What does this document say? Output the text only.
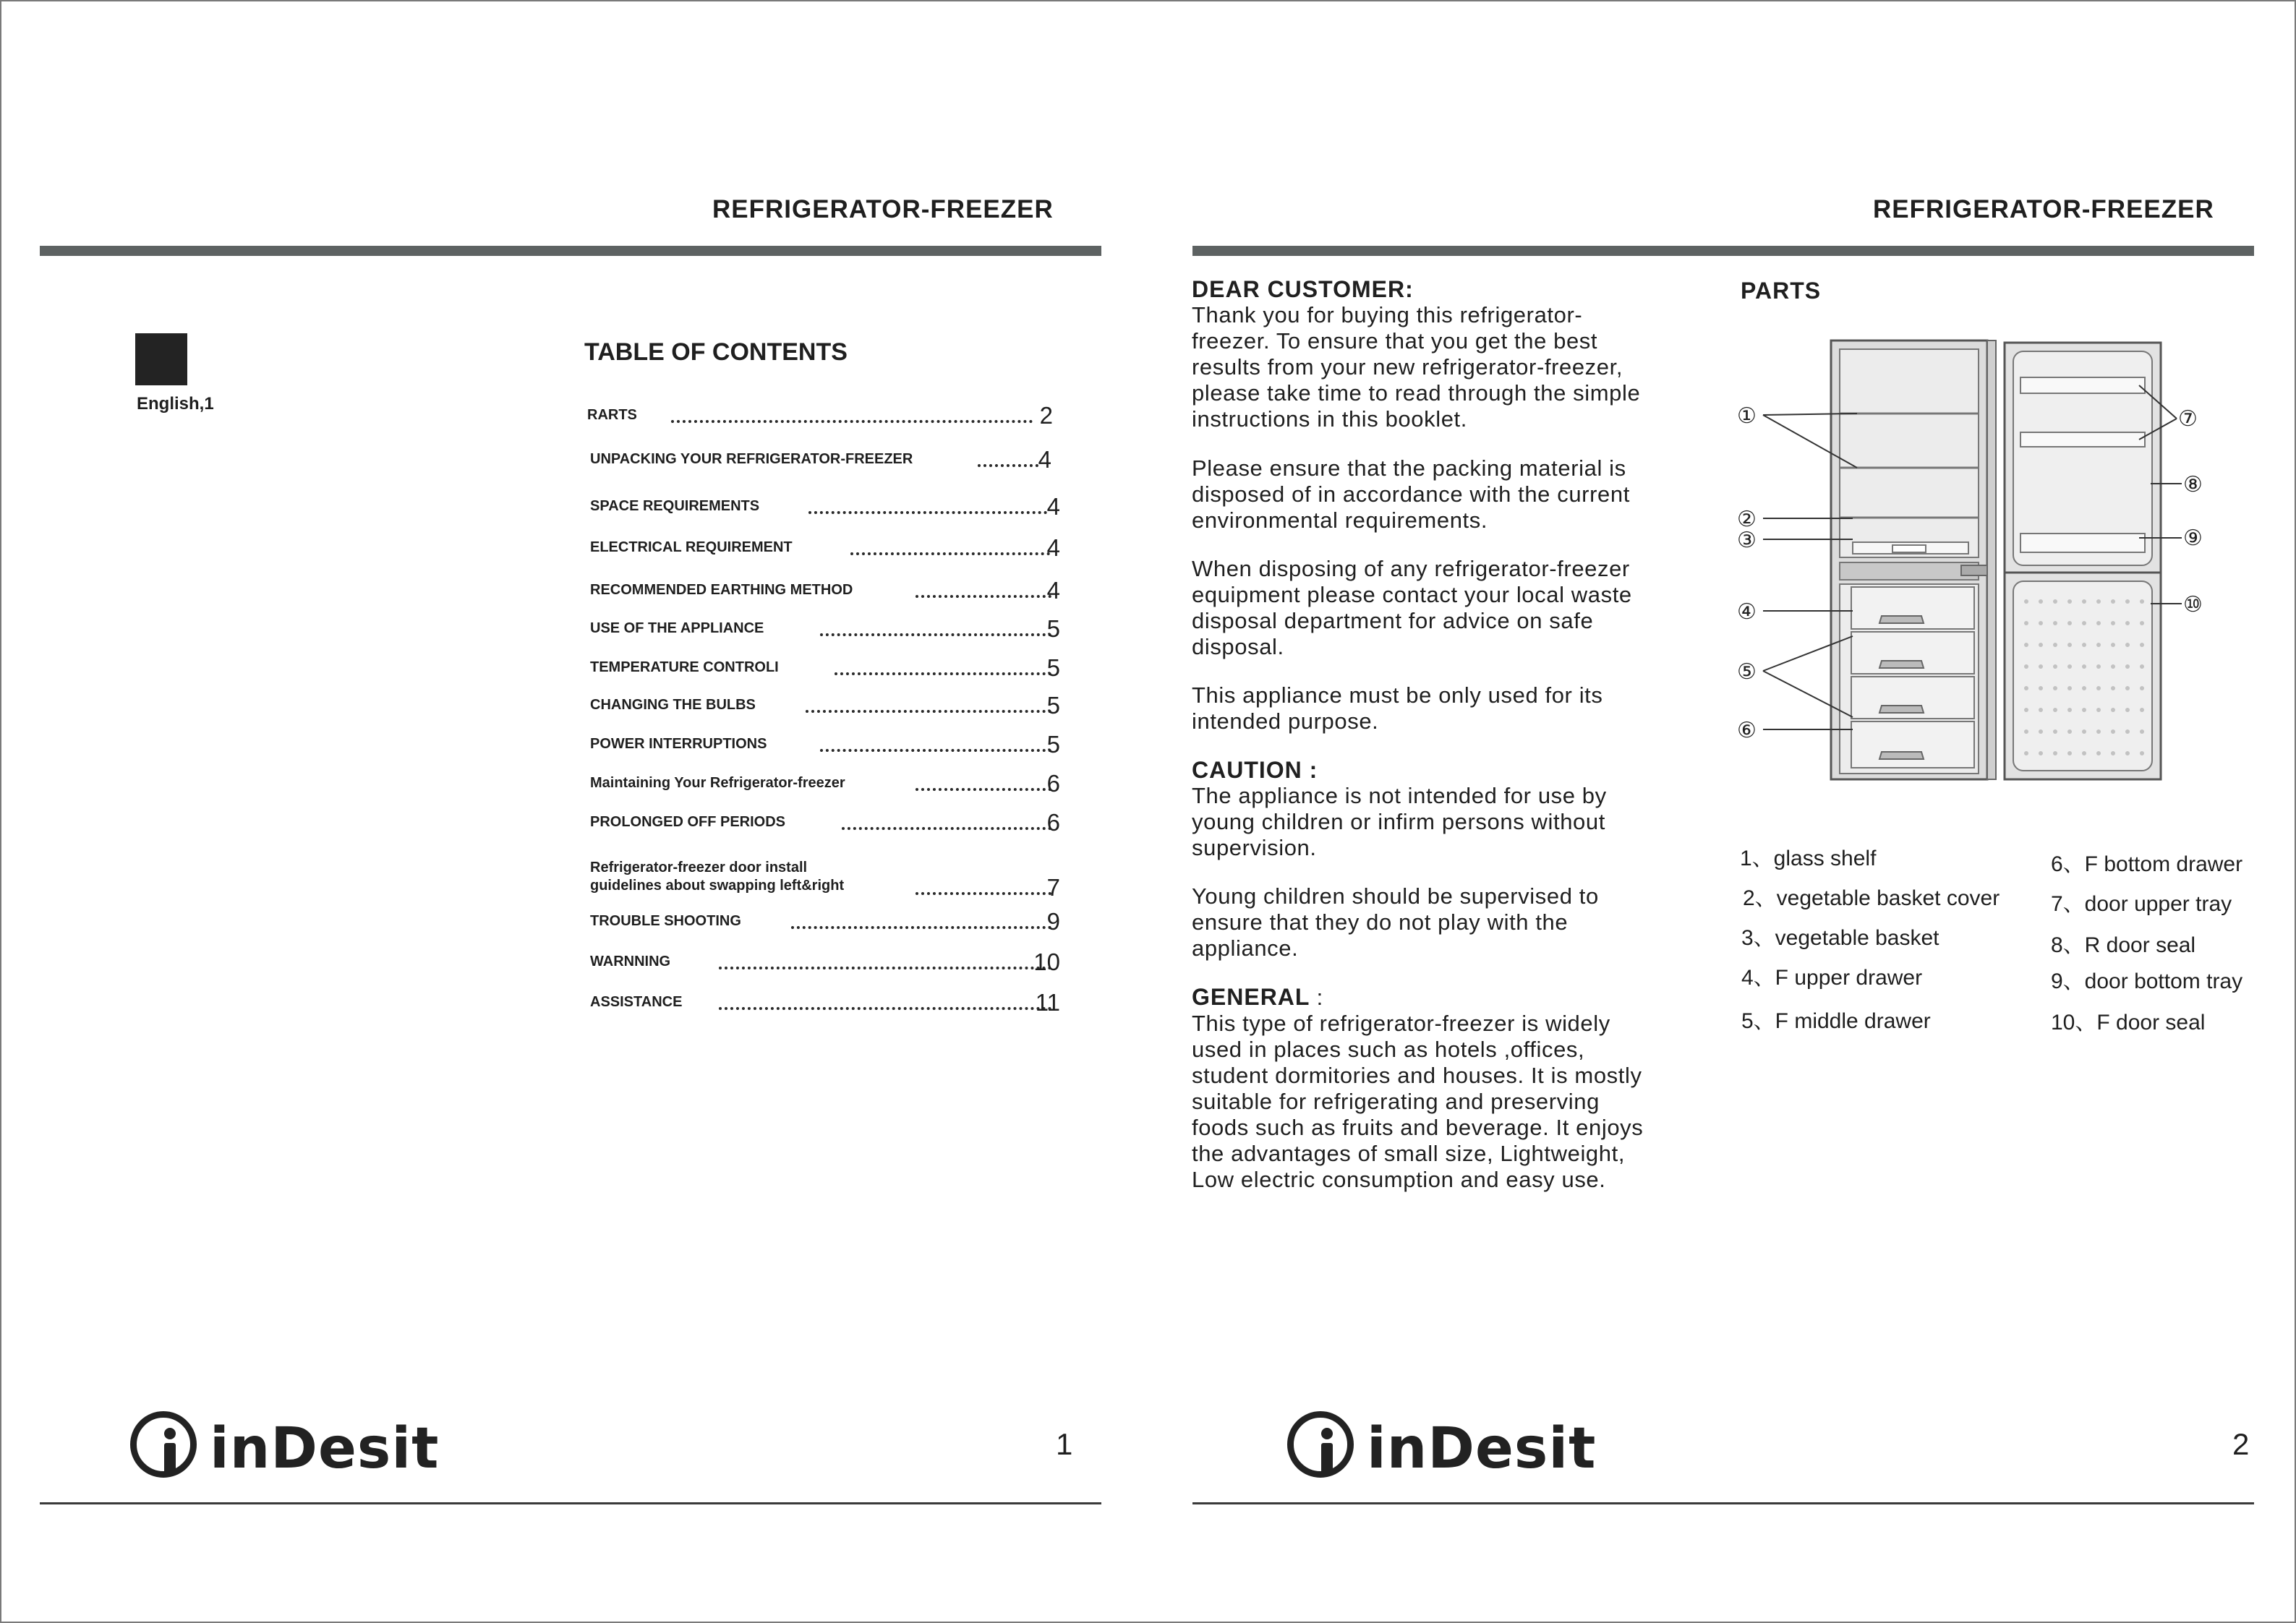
REFRIGERATOR-FREEZER
English,1
TABLE OF CONTENTS
RARTS	2
UNPACKING YOUR REFRIGERATOR-FREEZER	4
SPACE REQUIREMENTS	4
ELECTRICAL REQUIREMENT	4
RECOMMENDED EARTHING METHOD	4
USE OF THE APPLIANCE	5
TEMPERATURE CONTROLI	5
CHANGING THE BULBS	5
POWER INTERRUPTIONS	5
Maintaining Your Refrigerator-freezer	6
PROLONGED OFF PERIODS	6
Refrigerator-freezer door install
guidelines about swapping left&right	7
TROUBLE SHOOTING	9
WARNNING	10
ASSISTANCE	11
inDesit	1
REFRIGERATOR-FREEZER
DEAR CUSTOMER:

Thank you for buying this refrigerator-

freezer. To ensure that you get the best

results from your new refrigerator-freezer,

please take time to read through the simple

instructions in this booklet.

Please ensure that the packing material is

disposed of in accordance with the current

environmental requirements.

When disposing of any refrigerator-freezer

equipment please contact your local waste

disposal department for advice on safe

disposal.

This appliance must be only used for its

intended purpose.

CAUTION :

The appliance is not intended for use by

young children or infirm persons without

supervision.

Young children should be supervised to

ensure that they do not play with the

appliance.

GENERAL :

This type of refrigerator-freezer is widely

used in places such as hotels ,offices,

student dormitories and houses. It is mostly

suitable for refrigerating and preserving

foods such as fruits and beverage. It enjoys

the advantages of small size, Lightweight,

Low electric consumption and easy use.

PARTS
①
②
③
④
⑤
⑥
⑦
⑧
⑨
⑩
1、glass shelf
2、vegetable basket cover
3、vegetable basket
4、F upper drawer
5、F middle drawer
6、F bottom drawer
7、door upper tray
8、R door seal
9、door bottom tray
10、F door seal
inDesit	2
